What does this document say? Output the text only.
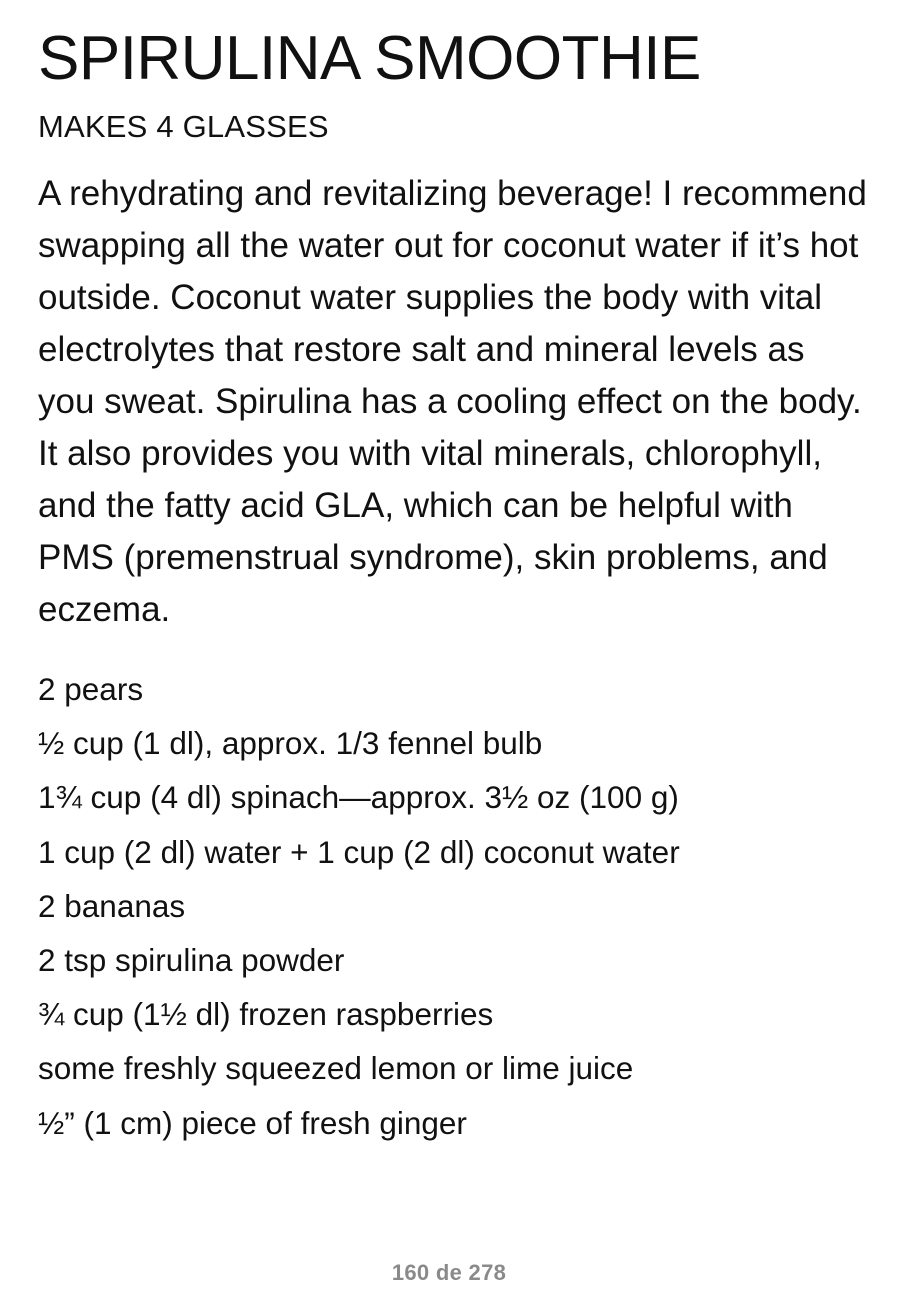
SPIRULINA SMOOTHIE

MAKES 4 GLASSES

A rehydrating and revitalizing beverage! I recommend swapping all the water out for coconut water if it’s hot outside. Coconut water supplies the body with vital electrolytes that restore salt and mineral levels as you sweat. Spirulina has a cooling effect on the body. It also provides you with vital minerals, chlorophyll, and the fatty acid GLA, which can be helpful with PMS (premenstrual syndrome), skin problems, and eczema.

2 pears
½ cup (1 dl), approx. 1/3 fennel bulb
1¾ cup (4 dl) spinach—approx. 3½ oz (100 g)
1 cup (2 dl) water + 1 cup (2 dl) coconut water
2 bananas
2 tsp spirulina powder
¾ cup (1½ dl) frozen raspberries
some freshly squeezed lemon or lime juice
½” (1 cm) piece of fresh ginger
160 de 278
